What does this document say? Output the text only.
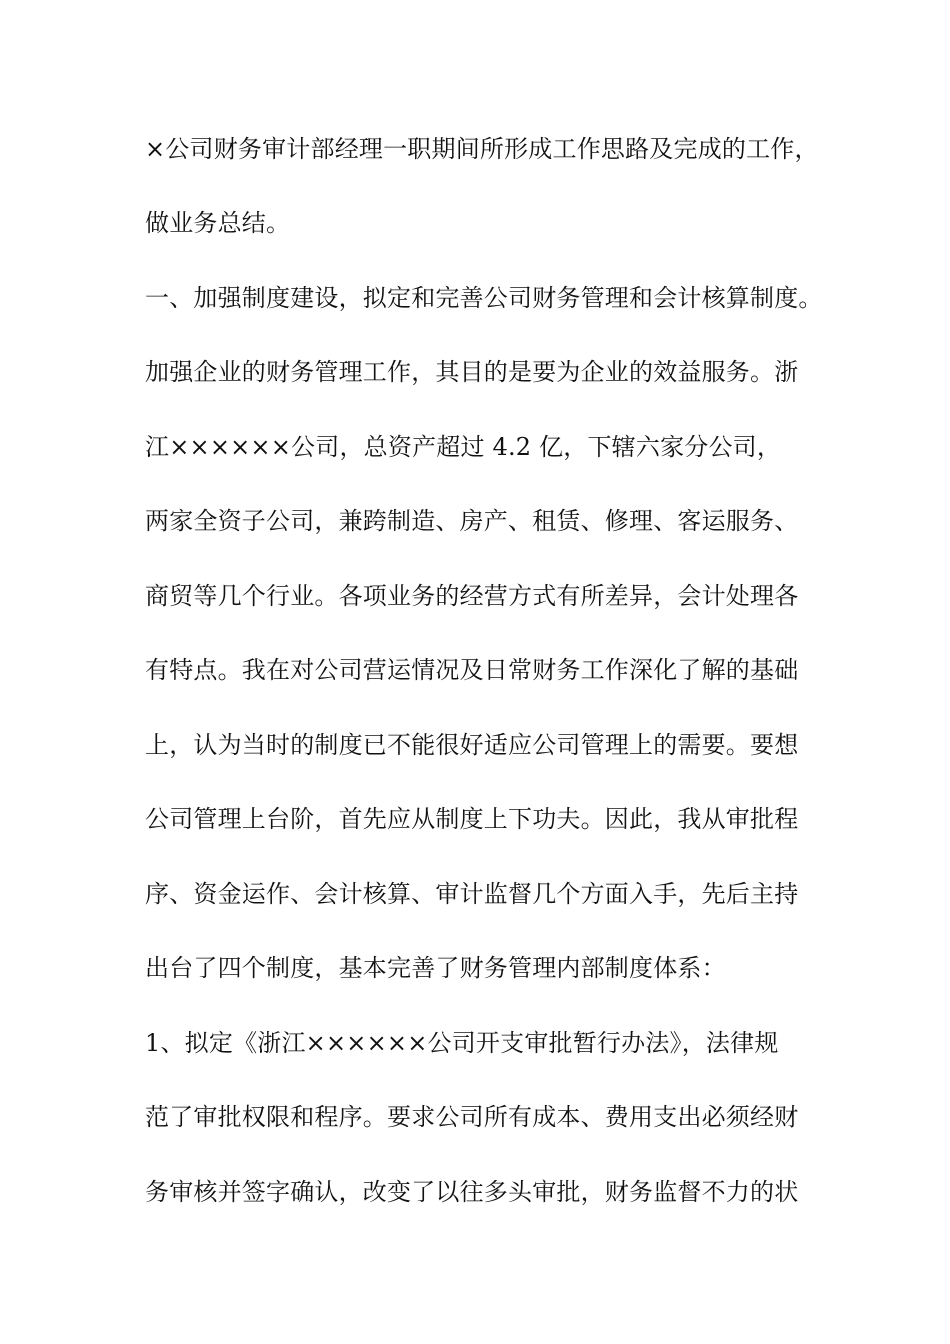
×公司财务审计部经理一职期间所形成工作思路及完成的工作，
做业务总结。
一、加强制度建设，拟定和完善公司财务管理和会计核算制度。
加强企业的财务管理工作，其目的是要为企业的效益服务。浙
江××××××公司，总资产超过 4.2 亿，下辖六家分公司，
两家全资子公司，兼跨制造、房产、租赁、修理、客运服务、
商贸等几个行业。各项业务的经营方式有所差异，会计处理各
有特点。我在对公司营运情况及日常财务工作深化了解的基础
上，认为当时的制度已不能很好适应公司管理上的需要。要想
公司管理上台阶，首先应从制度上下功夫。因此，我从审批程
序、资金运作、会计核算、审计监督几个方面入手，先后主持
出台了四个制度，基本完善了财务管理内部制度体系：
1、拟定《浙江××××××公司开支审批暂行办法》，法律规
范了审批权限和程序。要求公司所有成本、费用支出必须经财
务审核并签字确认，改变了以往多头审批，财务监督不力的状
